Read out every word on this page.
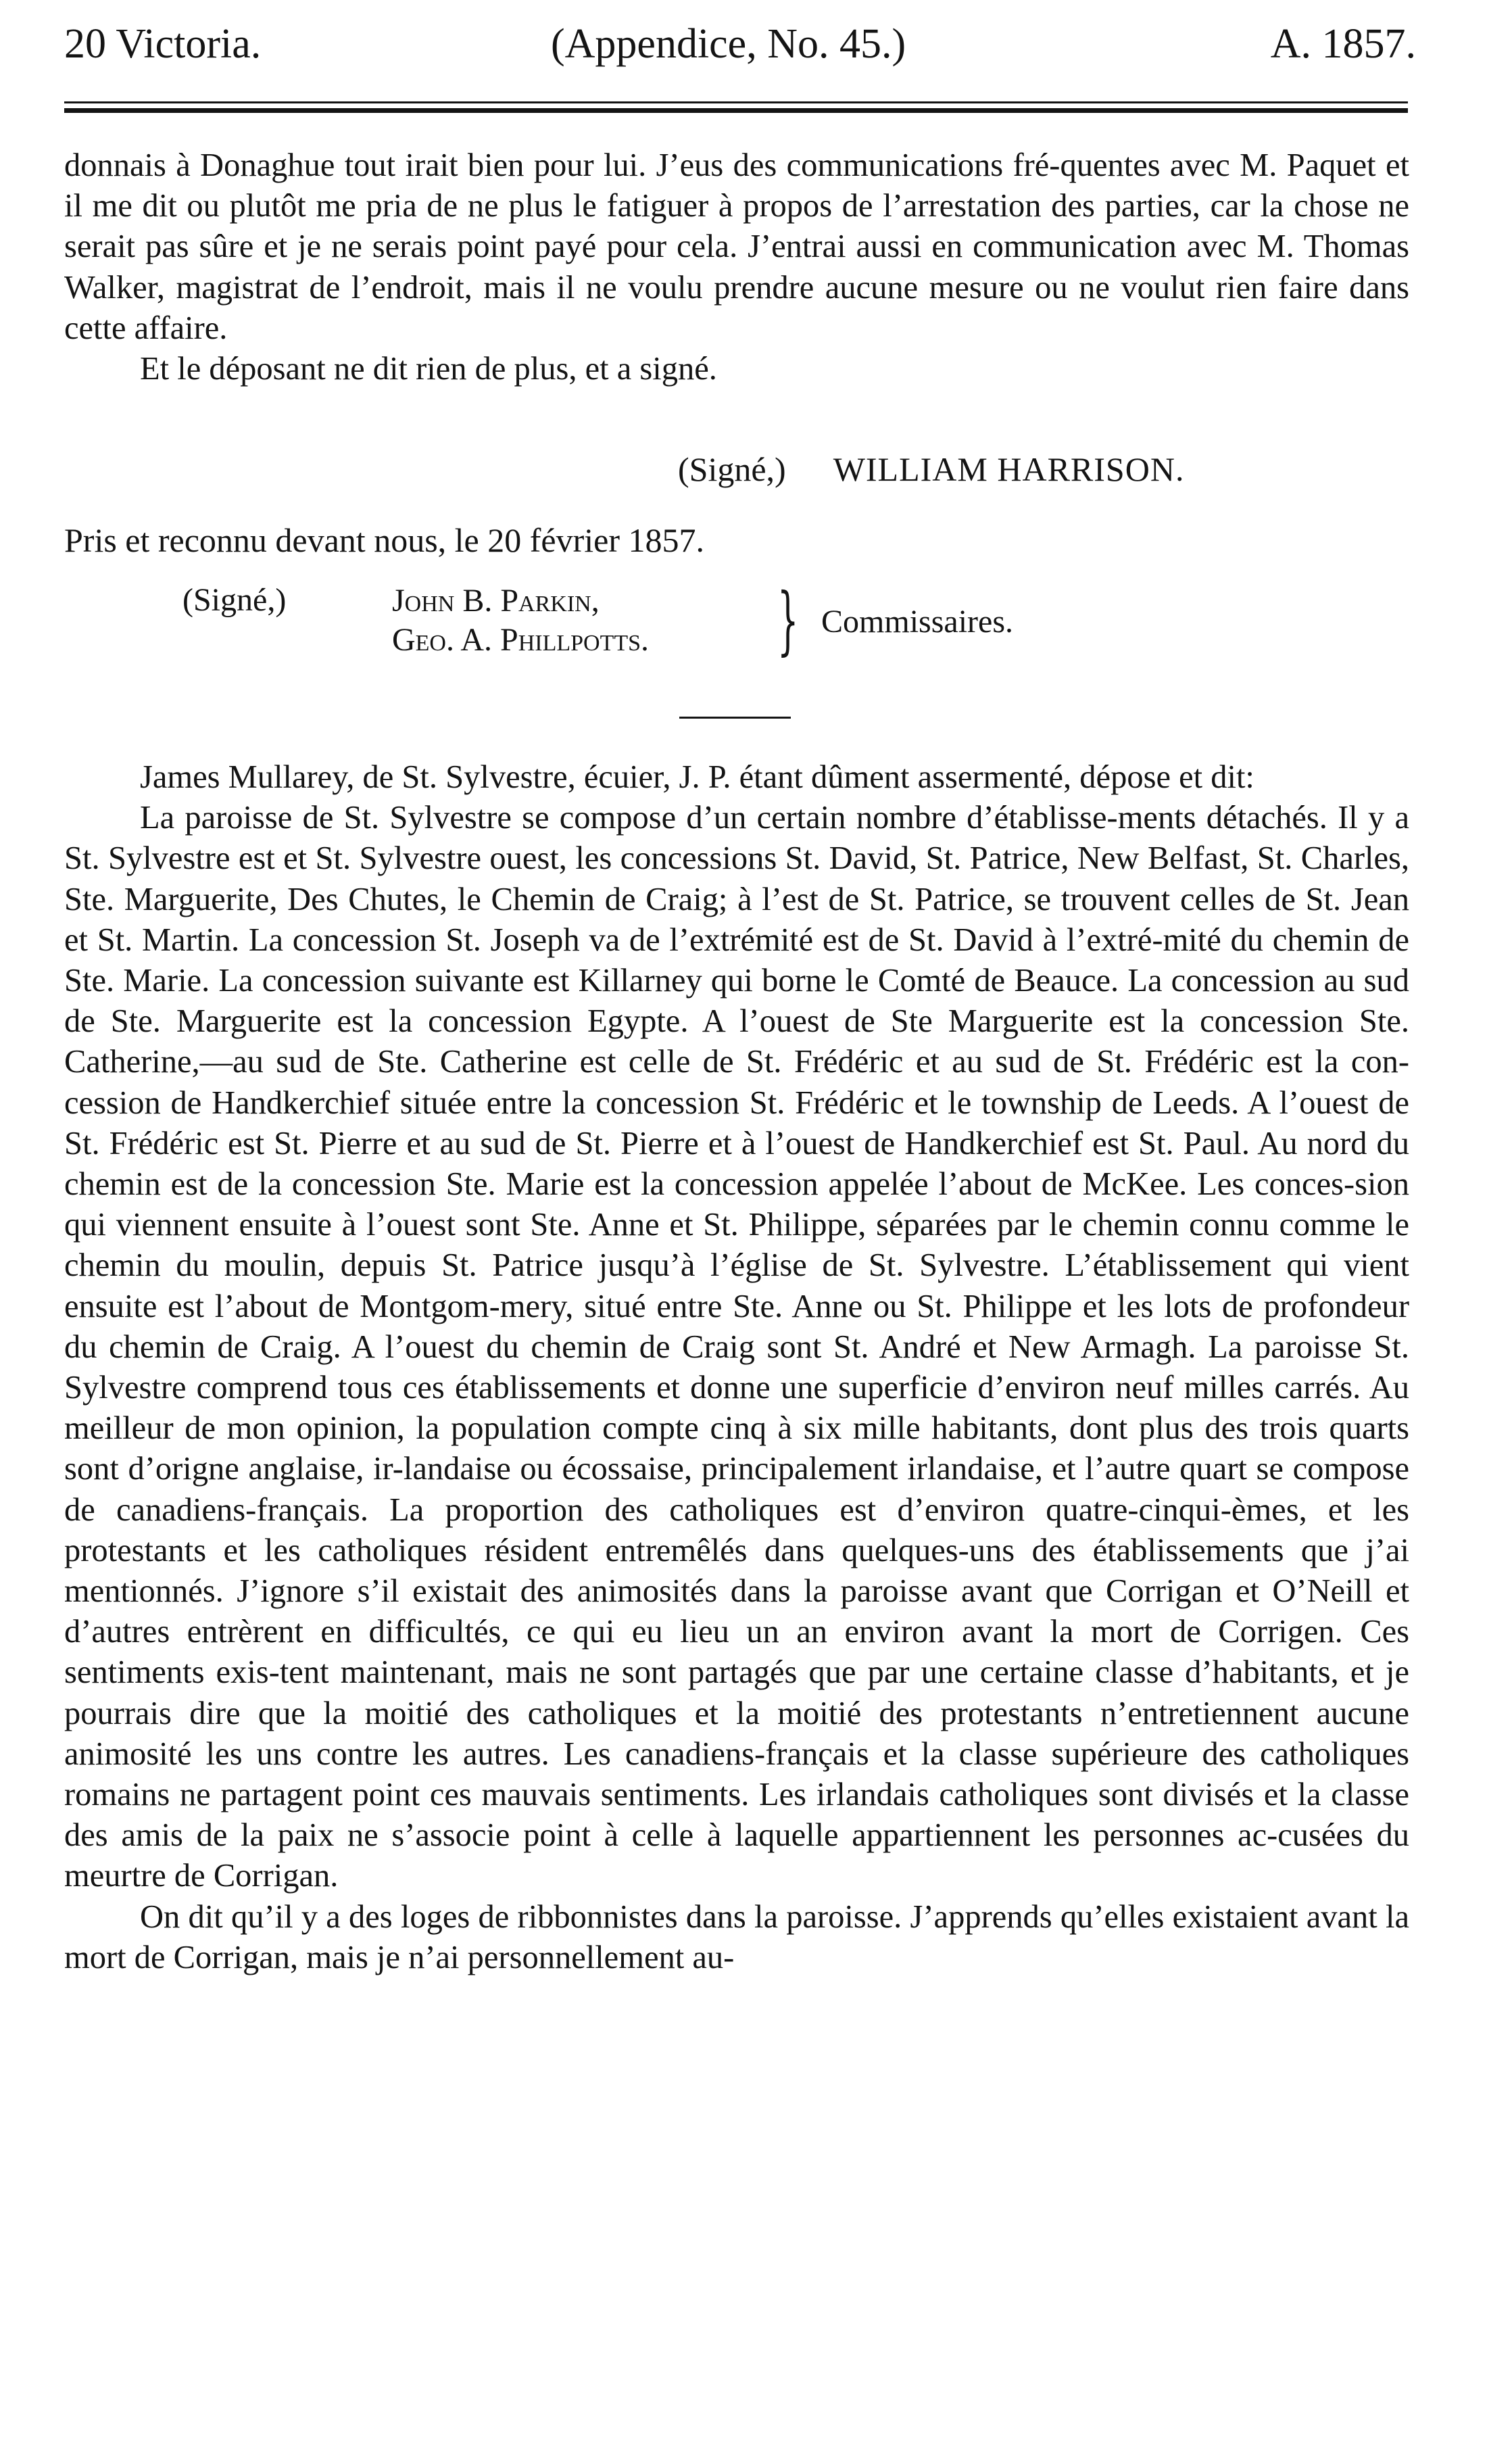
20 Victoria.	(Appendice, No. 45.)	A. 1857.

donnais à Donaghue tout irait bien pour lui. J’eus des communications fré-quentes avec M. Paquet et il me dit ou plutôt me pria de ne plus le fatiguer à propos de l’arrestation des parties, car la chose ne serait pas sûre et je ne serais point payé pour cela. J’entrai aussi en communication avec M. Thomas Walker, magistrat de l’endroit, mais il ne voulu prendre aucune mesure ou ne voulut rien faire dans cette affaire.

Et le déposant ne dit rien de plus, et a signé.

(Signé,) WILLIAM HARRISON.
Pris et reconnu devant nous, le 20 février 1857.
(Signé,)	John B. Parkin,
Geo. A. Phillpotts. } Commissaires.

James Mullarey, de St. Sylvestre, écuier, J. P. étant dûment assermenté, dépose et dit:

La paroisse de St. Sylvestre se compose d’un certain nombre d’établisse-ments détachés. Il y a St. Sylvestre est et St. Sylvestre ouest, les concessions St. David, St. Patrice, New Belfast, St. Charles, Ste. Marguerite, Des Chutes, le Chemin de Craig; à l’est de St. Patrice, se trouvent celles de St. Jean et St. Martin. La concession St. Joseph va de l’extrémité est de St. David à l’extré-mité du chemin de Ste. Marie. La concession suivante est Killarney qui borne le Comté de Beauce. La concession au sud de Ste. Marguerite est la concession Egypte. A l’ouest de Ste Marguerite est la concession Ste. Catherine,—au sud de Ste. Catherine est celle de St. Frédéric et au sud de St. Frédéric est la con-cession de Handkerchief située entre la concession St. Frédéric et le township de Leeds. A l’ouest de St. Frédéric est St. Pierre et au sud de St. Pierre et à l’ouest de Handkerchief est St. Paul. Au nord du chemin est de la concession Ste. Marie est la concession appelée l’about de McKee. Les conces-sion qui viennent ensuite à l’ouest sont Ste. Anne et St. Philippe, séparées par le chemin connu comme le chemin du moulin, depuis St. Patrice jusqu’à l’église de St. Sylvestre. L’établissement qui vient ensuite est l’about de Montgom-mery, situé entre Ste. Anne ou St. Philippe et les lots de profondeur du chemin de Craig. A l’ouest du chemin de Craig sont St. André et New Armagh. La paroisse St. Sylvestre comprend tous ces établissements et donne une superficie d’environ neuf milles carrés. Au meilleur de mon opinion, la population compte cinq à six mille habitants, dont plus des trois quarts sont d’origne anglaise, ir-landaise ou écossaise, principalement irlandaise, et l’autre quart se compose de canadiens-français. La proportion des catholiques est d’environ quatre-cinqui-èmes, et les protestants et les catholiques résident entremêlés dans quelques-uns des établissements que j’ai mentionnés. J’ignore s’il existait des animosités dans la paroisse avant que Corrigan et O’Neill et d’autres entrèrent en difficultés, ce qui eu lieu un an environ avant la mort de Corrigen. Ces sentiments exis-tent maintenant, mais ne sont partagés que par une certaine classe d’habitants, et je pourrais dire que la moitié des catholiques et la moitié des protestants n’entretiennent aucune animosité les uns contre les autres. Les canadiens-français et la classe supérieure des catholiques romains ne partagent point ces mauvais sentiments. Les irlandais catholiques sont divisés et la classe des amis de la paix ne s’associe point à celle à laquelle appartiennent les personnes ac-cusées du meurtre de Corrigan.

On dit qu’il y a des loges de ribbonnistes dans la paroisse. J’apprends qu’elles existaient avant la mort de Corrigan, mais je n’ai personnellement au-
